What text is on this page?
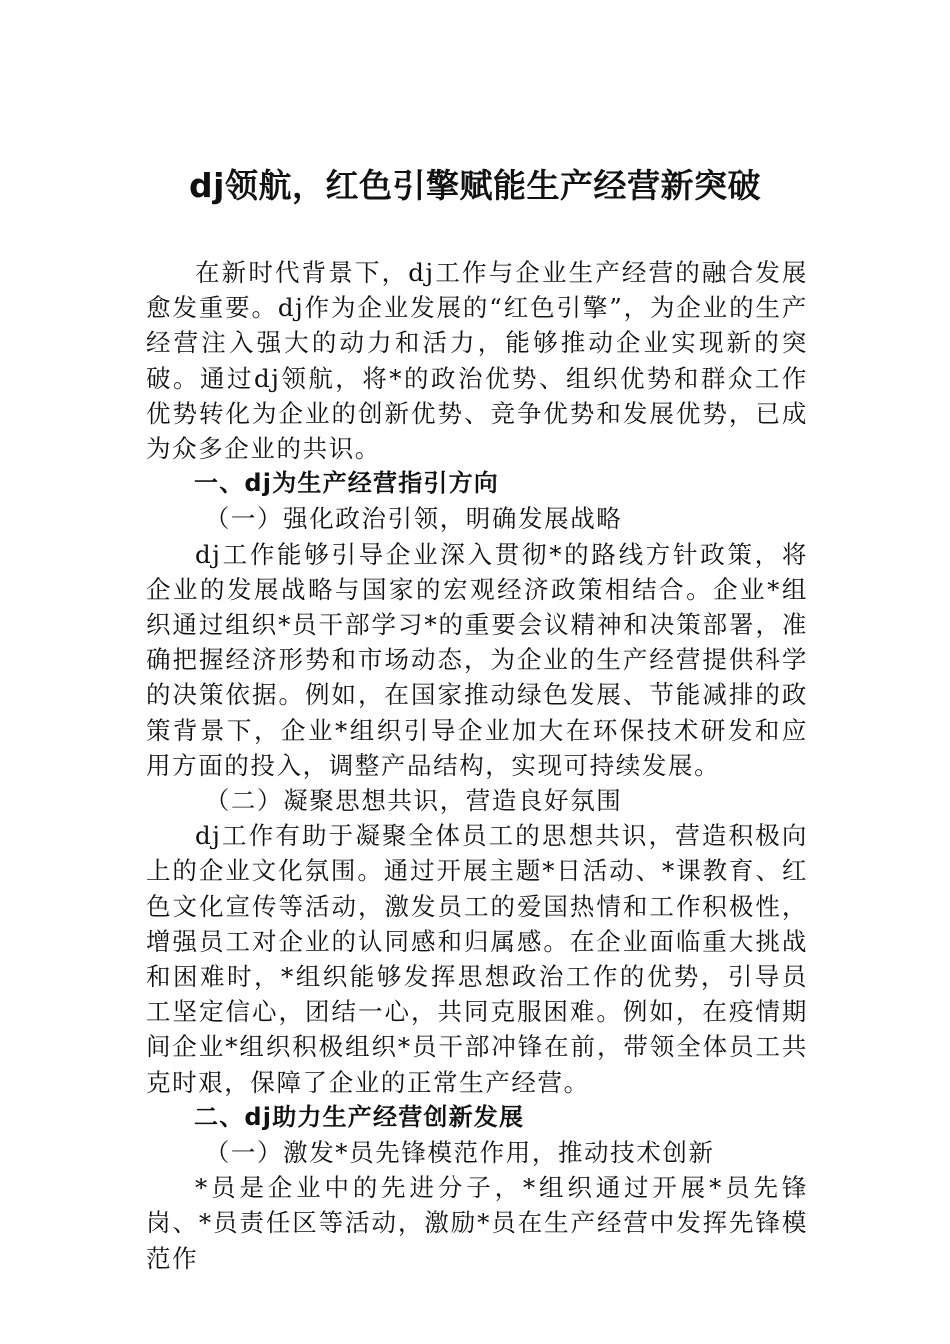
dj领航，红色引擎赋能生产经营新突破

在新时代背景下，dj工作与企业生产经营的融合发展愈发重要。dj作为企业发展的“红色引擎”，为企业的生产经营注入强大的动力和活力，能够推动企业实现新的突破。通过dj领航，将*的政治优势、组织优势和群众工作优势转化为企业的创新优势、竞争优势和发展优势，已成为众多企业的共识。

一、dj为生产经营指引方向

（一）强化政治引领，明确发展战略

dj工作能够引导企业深入贯彻*的路线方针政策，将企业的发展战略与国家的宏观经济政策相结合。企业*组织通过组织*员干部学习*的重要会议精神和决策部署，准确把握经济形势和市场动态，为企业的生产经营提供科学的决策依据。例如，在国家推动绿色发展、节能减排的政策背景下，企业*组织引导企业加大在环保技术研发和应用方面的投入，调整产品结构，实现可持续发展。

（二）凝聚思想共识，营造良好氛围

dj工作有助于凝聚全体员工的思想共识，营造积极向上的企业文化氛围。通过开展主题*日活动、*课教育、红色文化宣传等活动，激发员工的爱国热情和工作积极性，增强员工对企业的认同感和归属感。在企业面临重大挑战和困难时，*组织能够发挥思想政治工作的优势，引导员工坚定信心，团结一心，共同克服困难。例如，在疫情期间企业*组织积极组织*员干部冲锋在前，带领全体员工共克时艰，保障了企业的正常生产经营。

二、dj助力生产经营创新发展

（一）激发*员先锋模范作用，推动技术创新

*员是企业中的先进分子，*组织通过开展*员先锋岗、*员责任区等活动，激励*员在生产经营中发挥先锋模范作
